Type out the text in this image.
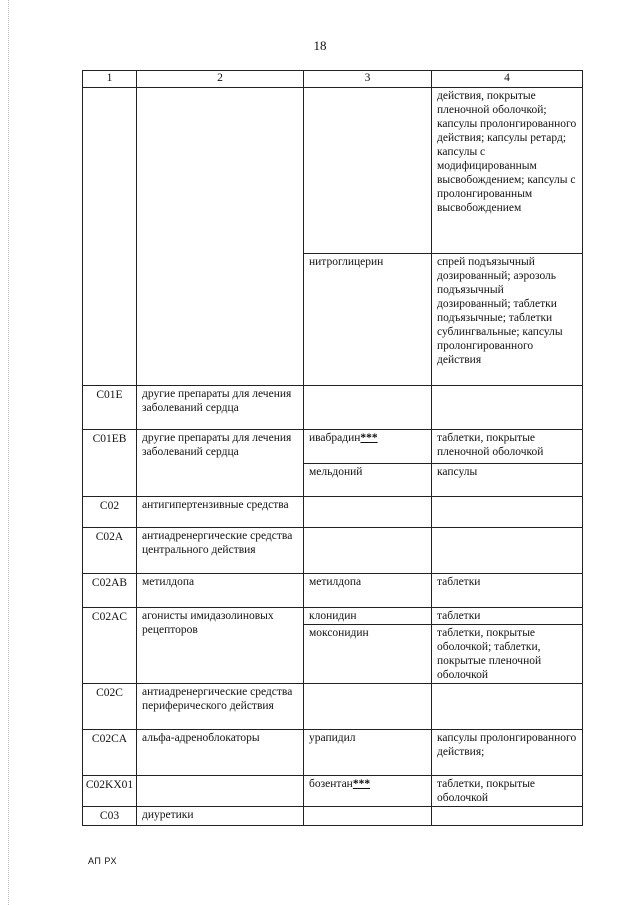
18
1	2	3	4
			действия, покрытые пленочной оболочкой; капсулы пролонгированного действия; капсулы ретард; капсулы с модифицированным высвобождением; капсулы с пролонгированным высвобождением
		нитроглицерин	спрей подъязычный дозированный; аэрозоль подъязычный дозированный; таблетки подъязычные; таблетки сублингвальные; капсулы пролонгированного действия
C01E	другие препараты для лечения заболеваний сердца		
C01EB	другие препараты для лечения заболеваний сердца	ивабрадин***	таблетки, покрытые пленочной оболочкой
		мельдоний	капсулы
C02	антигипертензивные средства		
C02A	антиадренергические средства центрального действия		
C02AB	метилдопа	метилдопа	таблетки
C02AC	агонисты имидазолиновых рецепторов	клонидин	таблетки
		моксонидин	таблетки, покрытые оболочкой; таблетки, покрытые пленочной оболочкой
C02C	антиадренергические средства периферического действия		
C02CA	альфа-адреноблокаторы	урапидил	капсулы пролонгированного действия;
C02KX01		бозентан***	таблетки, покрытые оболочкой
C03	диуретики		
АП РХ
